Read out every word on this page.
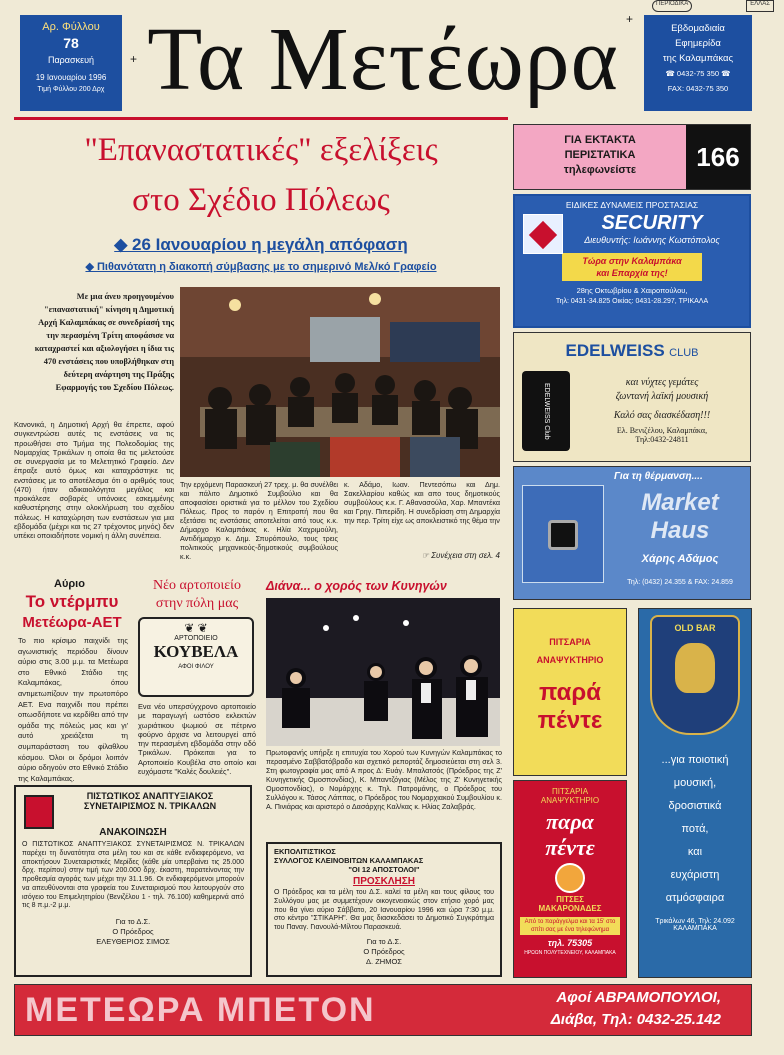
Αρ. Φύλλου
78
Παρασκευή
19 Ιανουαρίου 1996
Τιμή Φύλλου 200 Δρχ Τα Μετέωρα
+
+
ΠΕΡΙΟΔΙΚΑ	ΕΛΛΑΣ
Εβδομαδιαία
Εφημερίδα
της Καλαμπάκας
☎ 0432-75 350 ☎
FAX: 0432-75 350
"Επαναστατικές" εξελίξεις
στο Σχέδιο Πόλεως
◆ 26 Ιανουαρίου η μεγάλη απόφαση
◆ Πιθανότατη η διακοπή σύμβασης με το σημερινό Μελ/κό Γραφείο
Με μια άνευ προηγουμένου "επαναστατική" κίνηση η Δημοτική Αρχή Καλαμπάκας σε συνεδρίασή της την περασμένη Τρίτη αποφάσισε να καταχραστεί και αξιολογήσει η ίδια τις 470 ενστάσεις που υποβλήθηκαν στη δεύτερη ανάρτηση της Πράξης Εφαρμογής του Σχεδίου Πόλεως.
Κανονικά, η Δημοτική Αρχή θα έπρεπε, αφού συγκεντρώσει αυτές τις ενστάσεις να τις προωθήσει στο Τμήμα της Πολεοδομίας της Νομαρχίας Τρικάλων η οποία θα τις μελετούσε σε συνεργασία με το Μελετητικό Γραφείο. Δεν έπραξε αυτό όμως και καταχράστηκε τις ενστάσεις με το αποτέλεσμα ότι ο αριθμός τους (470) ήταν αδικαιολόγητα μεγάλος και προκάλεσε σοβαρές υπόνοιες εσκεμμένης καθυστέρησης στην ολοκλήρωση του σχεδίου πόλεως. Η καταχώρηση των ενστάσεων για μια εβδομάδα (μέχρι και τις 27 τρέχοντος μηνός) δεν υπέκει οποιαδήποτε νομική η άλλη συνέπεια.
Την ερχόμενη Παρασκευή 27 τρεχ. μ. θα συνέλθει και πάλιτο Δημοτικό Συμβούλιο και θα αποφασίσει οριστικά για το μέλλον του Σχεδίου Πόλεως. Προς το παρόν η Επιτροπή που θα εξετάσει τις ενστάσεις αποτελείται από τους κ.κ. Δήμαρχο Καλαμπάκας κ. Ηλία Χαχριμούλη, Αντιδήμαρχο κ. Δημ. Σπυρόπουλο, τους τρεις πολιτικούς μηχανικούς-δημοτικούς συμβούλους κ.κ.
κ. Αδάμο, Ιωαν. Πεντεσόπω και Δημ. Σακελλαρίου καθώς και απο τους δημοτικούς συμβούλους κ.κ. Γ. Αθανασούλα, Χαρ. Μπαντέκα και Γρηγ. Πιπερίδη. Η συνεδρίαση στη Δημαρχία την περ. Τρίτη είχε ως αποκλειστικό της θέμα την
☞ Συνέχεια στη σελ. 4
ΓΙΑ ΕΚΤΑΚΤΑ
ΠΕΡΙΣΤΑΤΙΚΑ
τηλεφωνείστε	166
ΕΙΔΙΚΕΣ ΔΥΝΑΜΕΙΣ ΠΡΟΣΤΑΣΙΑΣ
SECURITY
Διευθυντής: Ιωάννης Κωστόπολος
Τώρα στην Καλαμπάκα
και Επαρχία της!
28ης Οκτωβρίου & Χαιροπούλου,
Τηλ: 0431-34.825 Οικίας: 0431-28.297, ΤΡΙΚΑΛΑ
EDELWEISS CLUB
EDELWEISS Club
και νύχτες γεμάτες
ζωντανή λαϊκή μουσική
Καλό σας διασκέδαση!!!
Ελ. Βενιζέλου, Καλαμπάκα,
Τηλ:0432-24811
Για τη θέρμανση....
Market
Haus
Χάρης Αδάμος
Τηλ: (0432) 24.355 & FAX: 24.859
ΠΙΤΣΑΡΙΑ
ΑΝΑΨΥΚΤΗΡΙΟ
παρά
πέντε
ΠΙΤΣΑΡΙΑ
ΑΝΑΨΥΚΤΗΡΙΟ
παρα
πέντε
ΠΙΤΣΕΣ
ΜΑΚΑΡΟΝΑΔΕΣ
Από το παράγγελμα και τα 15' στο σπίτι σας με ένα τηλεφώνημα
τηλ. 75305
ΗΡΩΩΝ ΠΟΛΥΤΕΧΝΕΙΟΥ, ΚΑΛΑΜΠΑΚΑ
OLD BAR
...για ποιοτική
μουσική,
δροσιστικά
ποτά,
και
ευχάριστη
ατμόσφαιρα
Τρικάλων 46, Τηλ: 24.092
ΚΑΛΑΜΠΑΚΑ
Αύριο
Το ντέρμπυ
Μετέωρα-ΑΕΤ
Το πιο κρίσιμο παιχνίδι της αγωνιστικής περιόδου δίνουν αύριο στις 3.00 μ.μ. τα Μετέωρα στο Εθνικό Στάδιο της Καλαμπάκας, όπου αντιμετωπίζουν την πρωτοπόρο ΑΕΤ. Ενα παιχνίδι που πρέπει οπωσδήποτε να κερδίθει από την ομάδα της πόλεώς μας και γι' αυτό χρειάζεται τη συμπαράσταση του φίλαθλου κόσμου. Όλοι οι δρόμοι λοιπόν αύριο οδηγούν στο Εθνικό Στάδιο της Καλαμπάκας.
Νέο αρτοποιείο
στην πόλη μας
❦ ❦
ΑΡΤΟΠΟΙΕΙΟ
ΚΟΥΒΕΛΑ
ΑΦΟΙ ΦΙΛΟΥ
Ενα νέο υπερσύγχρονο αρτοποιείο με παραγωγή ωστόσο εκλεκτών χωριάτικου ψωμιού σε πέτρινο φούρνο άρχισε να λειτουργεί από την περασμένη εβδομάδα στην οδό Τρικάλων. Πρόκειται για το Αρτοποιείο Κουβέλα στο οποίο και ευχόμαστε "Καλές δουλειές".
Διάνα... ο χορός των Κυνηγών
Πρωτοφανής υπήρξε η επιτυχία του Χορού των Κυνηγών Καλαμπάκας το περασμένο Σαββατόβραδο και σχετικό ρεπορτάζ δημοσιεύεται στη σελ 3. Στη φωτογραφία μας από Α προς Δ: Ευάγ. Μπαλατσός (Πρόεδρος της Ζ' Κυνηγετικής Ομοσπονδίας), Κ. Μπαντζόγιας (Μέλος της Ζ' Κυνηγετικής Ομοσπονδίας), ο Νομάρχης κ. Τηλ. Πατρομάνης, ο Πρόεδρος του Συλλόγου κ. Τάσος Λάππας, ο Πρόεδρος του Νομαρχιακού Συμβουλίου κ. Α. Πινιάρας και αριστερό ο Δασάρχης Καλ/κας κ. Ηλίας Ζαλαβράς.
ΠΙΣΤΩΤΙΚΟΣ ΑΝΑΠΤΥΞΙΑΚΟΣ
ΣΥΝΕΤΑΙΡΙΣΜΟΣ Ν. ΤΡΙΚΑΛΩΝ
ΑΝΑΚΟΙΝΩΣΗ
Ο ΠΙΣΤΩΤΙΚΟΣ ΑΝΑΠΤΥΞΙΑΚΟΣ ΣΥΝΕΤΑΙΡΙΣΜΟΣ Ν. ΤΡΙΚΑΛΩΝ παρέχει τη δυνατότητα στα μέλη του και σε κάθε ενδιαφερόμενο, να αποκτήσουν Συνεταιριστικές Μερίδες (κάθε μία υπερβαίνει τις 25.000 δρχ. περίπου) στην τιμή των 200.000 δρχ. έκαστη, παρατείνοντας την προθεσμία αγοράς των μέχρι την 31.1.96. Οι ενδιαφερόμενοι μπορούν να απευθύνονται στα γραφεία του Συνεταιρισμού που λειτουργούν στο ισόγειο του Επιμελητηρίου (Βενιζέλου 1 - τηλ. 76.100) καθημερινά από τις 8 π.μ.-2 μ.μ.
Για το Δ.Σ.
Ο Πρόεδρος
ΕΛΕΥΘΕΡΙΟΣ ΣΙΜΟΣ
ΕΚΠΟΛΙΤΙΣΤΙΚΟΣ
ΣΥΛΛΟΓΟΣ ΚΛΕΙΝΟΒΙΤΩΝ ΚΑΛΑΜΠΑΚΑΣ
"ΟΙ 12 ΑΠΟΣΤΟΛΟΙ"
ΠΡΟΣΚΛΗΣΗ
Ο Πρόεδρος και τα μέλη του Δ.Σ. καλεί τα μέλη και τους φίλους του Συλλόγου μας με συμμετέχουν οικογενειακώς στον ετήσιο χορό μας που θα γίνει αύριο Σάββατο, 20 Ιανουαρίου 1996 και ώρα 7:30 μ.μ. στο κέντρο "ΣΤΙΚΑΡΗ". Θα μας διασκεδάσει το Δημοτικό Συγκρότημα του Παναγ. Γιανουλά-Μίλτου Παρασκευά.
Για το Δ.Σ.
Ο Πρόεδρος
Δ. ΖΗΜΟΣ
ΜΕΤΕΩΡΑ ΜΠΕΤΟΝ	Αφοί ΑΒΡΑΜΟΠΟΥΛΟΙ,
Διάβα, Τηλ: 0432-25.142
